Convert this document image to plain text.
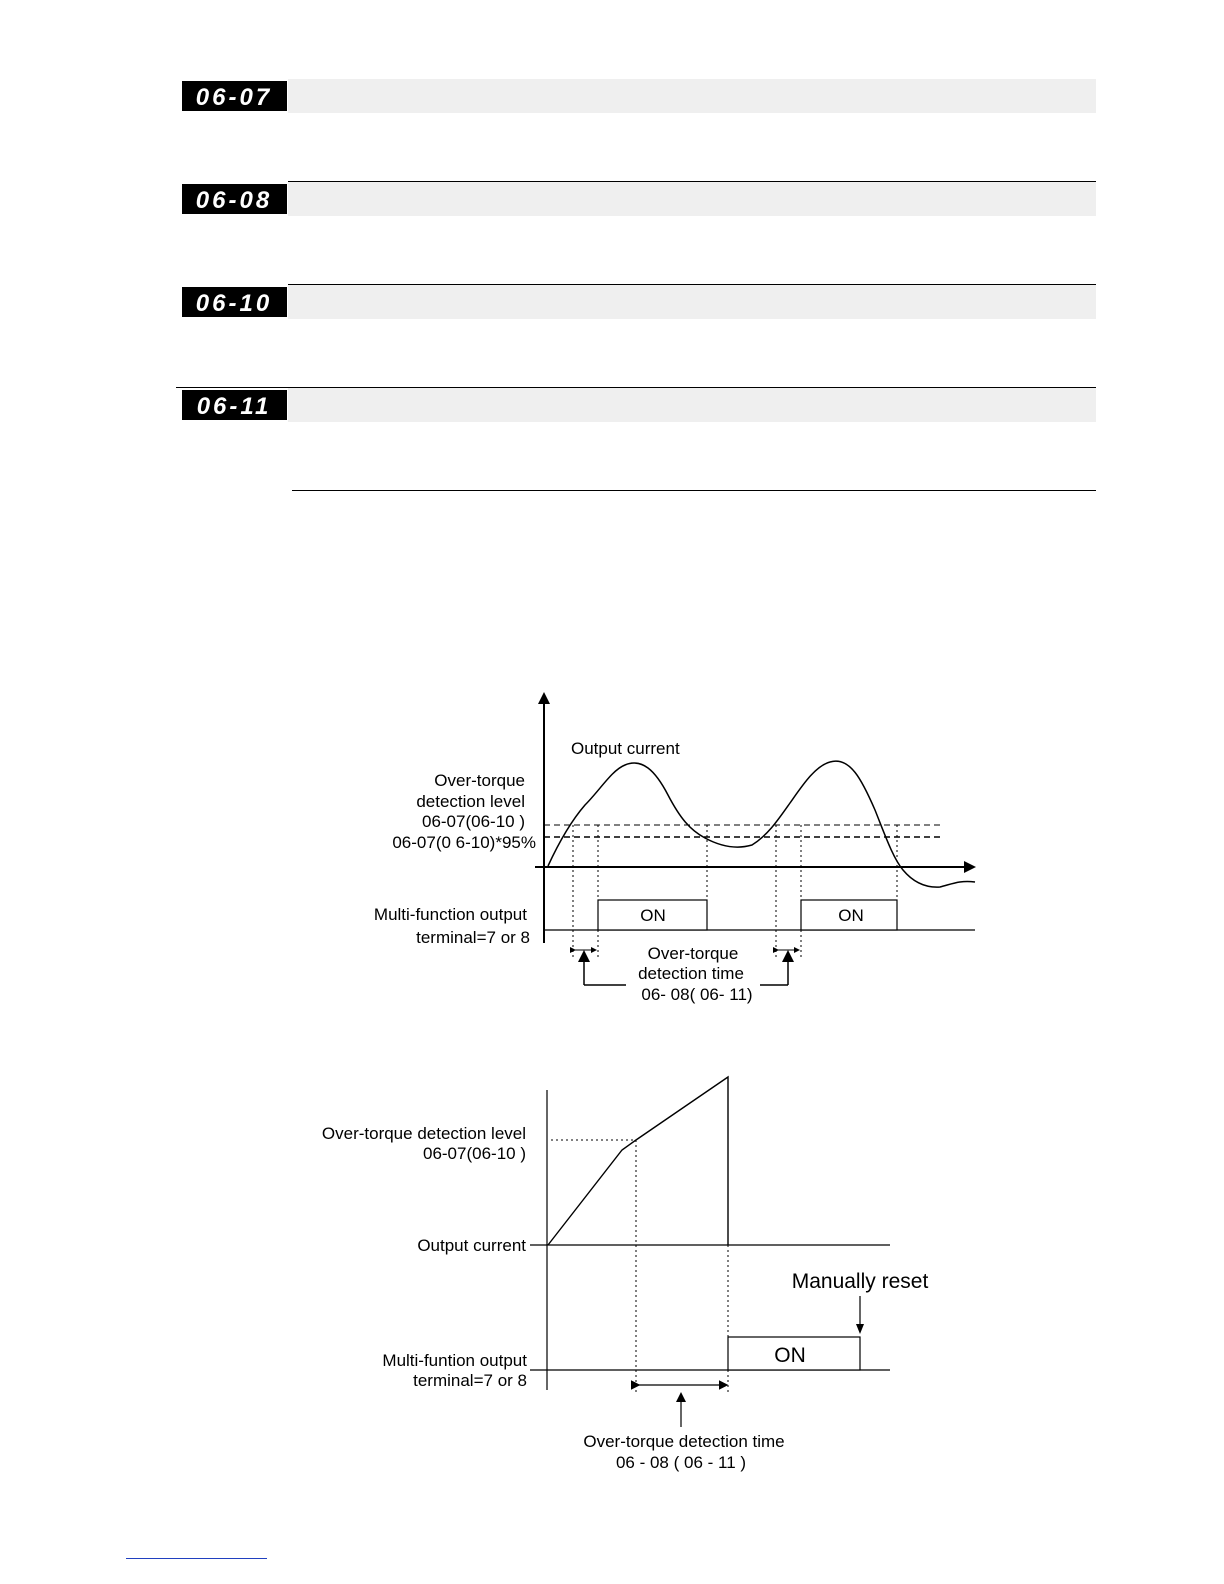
06-07
06-08
06-10
06-11
ON	ON
Output current
Over-torque
detection level
06-07(06-10 )
06-07(0 6-10)*95%
Multi-function output
terminal=7 or 8
Over-torque
detection time
06- 08( 06- 11)
ON
Manually reset
Over-torque detection level
06-07(06-10 )
Output current
Multi-funtion output
terminal=7 or 8
Over-torque detection time
06 - 08 ( 06 - 11 )
